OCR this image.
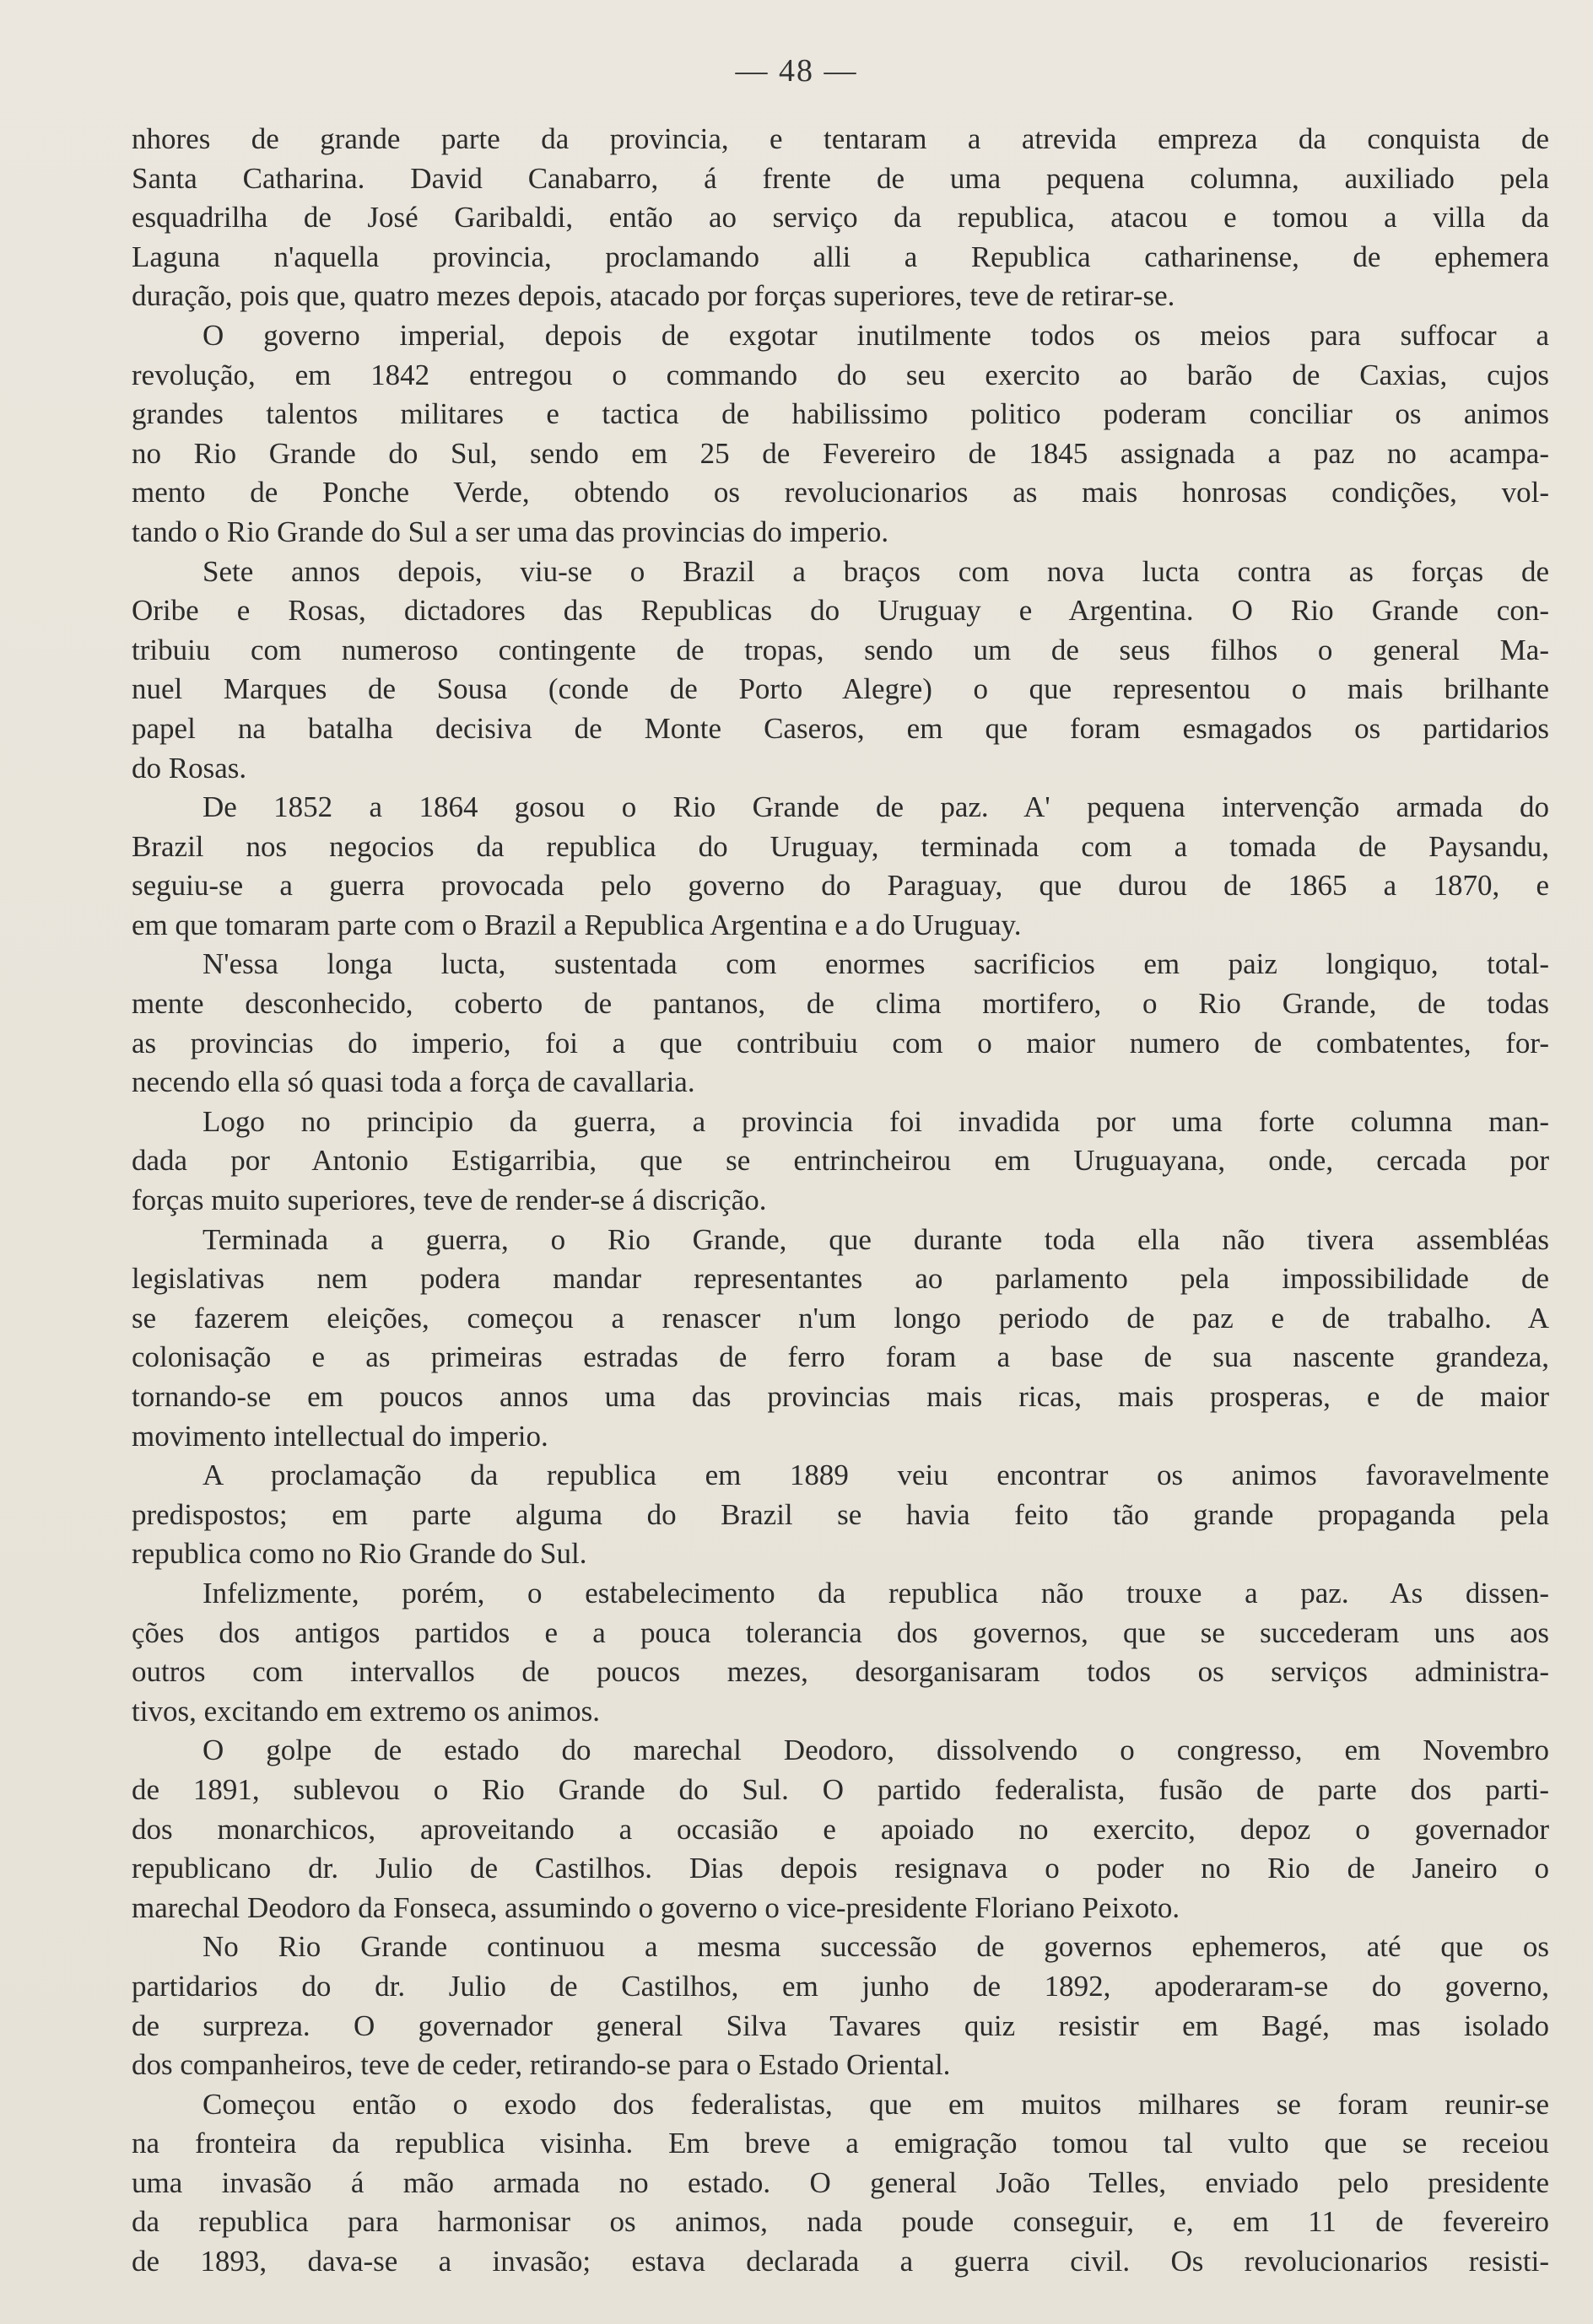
— 48 —
nhores de grande parte da provincia, e tentaram a atrevida empreza da conquista de
Santa Catharina. David Canabarro, á frente de uma pequena columna, auxiliado pela
esquadrilha de José Garibaldi, então ao serviço da republica, atacou e tomou a villa da
Laguna n'aquella provincia, proclamando alli a Republica catharinense, de ephemera
duração, pois que, quatro mezes depois, atacado por forças superiores, teve de retirar-se.
O governo imperial, depois de exgotar inutilmente todos os meios para suffocar a
revolução, em 1842 entregou o commando do seu exercito ao barão de Caxias, cujos
grandes talentos militares e tactica de habilissimo politico poderam conciliar os animos
no Rio Grande do Sul, sendo em 25 de Fevereiro de 1845 assignada a paz no acampa-
mento de Ponche Verde, obtendo os revolucionarios as mais honrosas condições, vol-
tando o Rio Grande do Sul a ser uma das provincias do imperio.
Sete annos depois, viu-se o Brazil a braços com nova lucta contra as forças de
Oribe e Rosas, dictadores das Republicas do Uruguay e Argentina. O Rio Grande con-
tribuiu com numeroso contingente de tropas, sendo um de seus filhos o general Ma-
nuel Marques de Sousa (conde de Porto Alegre) o que representou o mais brilhante
papel na batalha decisiva de Monte Caseros, em que foram esmagados os partidarios
do Rosas.
De 1852 a 1864 gosou o Rio Grande de paz. A' pequena intervenção armada do
Brazil nos negocios da republica do Uruguay, terminada com a tomada de Paysandu,
seguiu-se a guerra provocada pelo governo do Paraguay, que durou de 1865 a 1870, e
em que tomaram parte com o Brazil a Republica Argentina e a do Uruguay.
N'essa longa lucta, sustentada com enormes sacrificios em paiz longiquo, total-
mente desconhecido, coberto de pantanos, de clima mortifero, o Rio Grande, de todas
as provincias do imperio, foi a que contribuiu com o maior numero de combatentes, for-
necendo ella só quasi toda a força de cavallaria.
Logo no principio da guerra, a provincia foi invadida por uma forte columna man-
dada por Antonio Estigarribia, que se entrincheirou em Uruguayana, onde, cercada por
forças muito superiores, teve de render-se á discrição.
Terminada a guerra, o Rio Grande, que durante toda ella não tivera assembléas
legislativas nem podera mandar representantes ao parlamento pela impossibilidade de
se fazerem eleições, começou a renascer n'um longo periodo de paz e de trabalho. A
colonisação e as primeiras estradas de ferro foram a base de sua nascente grandeza,
tornando-se em poucos annos uma das provincias mais ricas, mais prosperas, e de maior
movimento intellectual do imperio.
A proclamação da republica em 1889 veiu encontrar os animos favoravelmente
predispostos; em parte alguma do Brazil se havia feito tão grande propaganda pela
republica como no Rio Grande do Sul.
Infelizmente, porém, o estabelecimento da republica não trouxe a paz. As dissen-
ções dos antigos partidos e a pouca tolerancia dos governos, que se succederam uns aos
outros com intervallos de poucos mezes, desorganisaram todos os serviços administra-
tivos, excitando em extremo os animos.
O golpe de estado do marechal Deodoro, dissolvendo o congresso, em Novembro
de 1891, sublevou o Rio Grande do Sul. O partido federalista, fusão de parte dos parti-
dos monarchicos, aproveitando a occasião e apoiado no exercito, depoz o governador
republicano dr. Julio de Castilhos. Dias depois resignava o poder no Rio de Janeiro o
marechal Deodoro da Fonseca, assumindo o governo o vice-presidente Floriano Peixoto.
No Rio Grande continuou a mesma successão de governos ephemeros, até que os
partidarios do dr. Julio de Castilhos, em junho de 1892, apoderaram-se do governo,
de surpreza. O governador general Silva Tavares quiz resistir em Bagé, mas isolado
dos companheiros, teve de ceder, retirando-se para o Estado Oriental.
Começou então o exodo dos federalistas, que em muitos milhares se foram reunir-se
na fronteira da republica visinha. Em breve a emigração tomou tal vulto que se receiou
uma invasão á mão armada no estado. O general João Telles, enviado pelo presidente
da republica para harmonisar os animos, nada poude conseguir, e, em 11 de fevereiro
de 1893, dava-se a invasão; estava declarada a guerra civil. Os revolucionarios resisti-
